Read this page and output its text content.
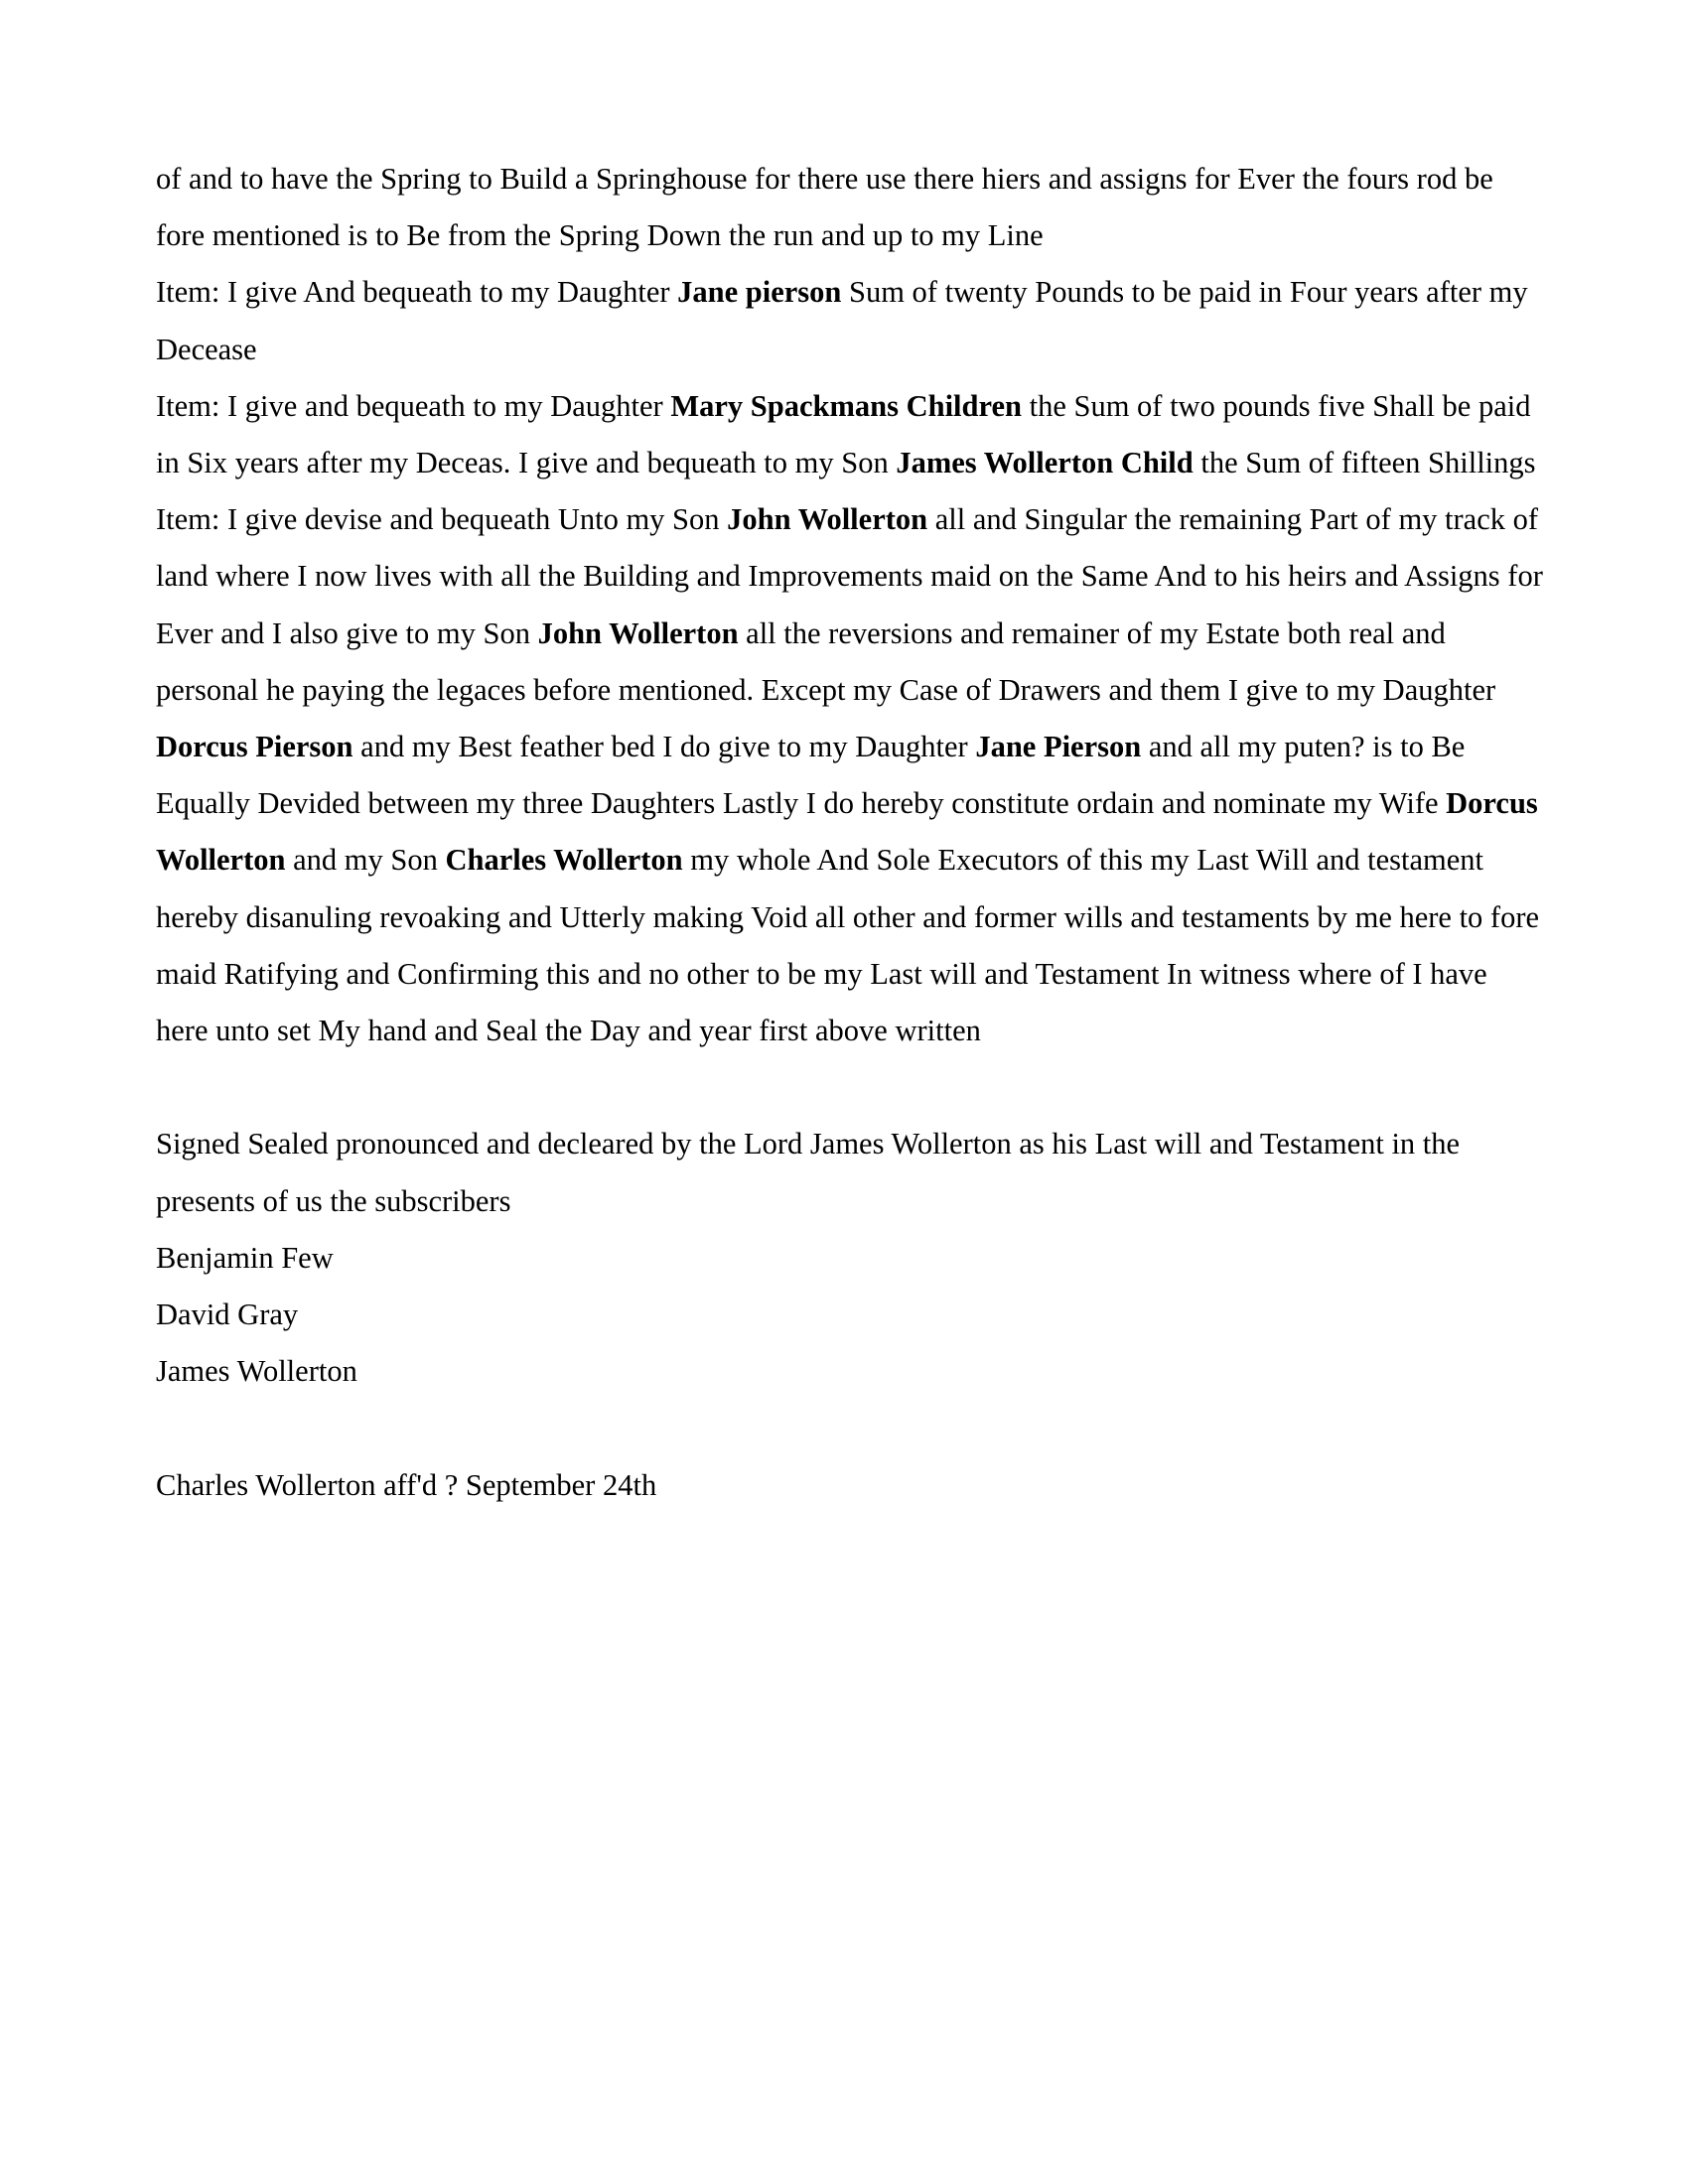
of and to have the Spring to Build a Springhouse for there use there hiers and assigns for Ever the fours rod be fore mentioned is to Be from the Spring Down the run and up to my Line

Item: I give And bequeath to my Daughter Jane pierson Sum of twenty Pounds to be paid in Four years after my Decease

Item: I give and bequeath to my Daughter Mary Spackmans Children the Sum of two pounds five Shall be paid in Six years after my Deceas. I give and bequeath to my Son James Wollerton Child the Sum of fifteen Shillings

Item: I give devise and bequeath Unto my Son John Wollerton all and Singular the remaining Part of my track of land where I now lives with all the Building and Improvements maid on the Same And to his heirs and Assigns for Ever and I also give to my Son John Wollerton all the reversions and remainer of my Estate both real and personal he paying the legaces before mentioned. Except my Case of Drawers and them I give to my Daughter Dorcus Pierson and my Best feather bed I do give to my Daughter Jane Pierson and all my puten? is to Be Equally Devided between my three Daughters Lastly I do hereby constitute ordain and nominate my Wife Dorcus Wollerton and my Son Charles Wollerton my whole And Sole Executors of this my Last Will and testament hereby disanuling revoaking and Utterly making Void all other and former wills and testaments by me here to fore maid Ratifying and Confirming this and no other to be my Last will and Testament In witness where of I have here unto set My hand and Seal the Day and year first above written

Signed Sealed pronounced and decleared by the Lord James Wollerton as his Last will and Testament in the presents of us the subscribers

Benjamin Few

David Gray

James Wollerton

Charles Wollerton aff'd ? September 24th
